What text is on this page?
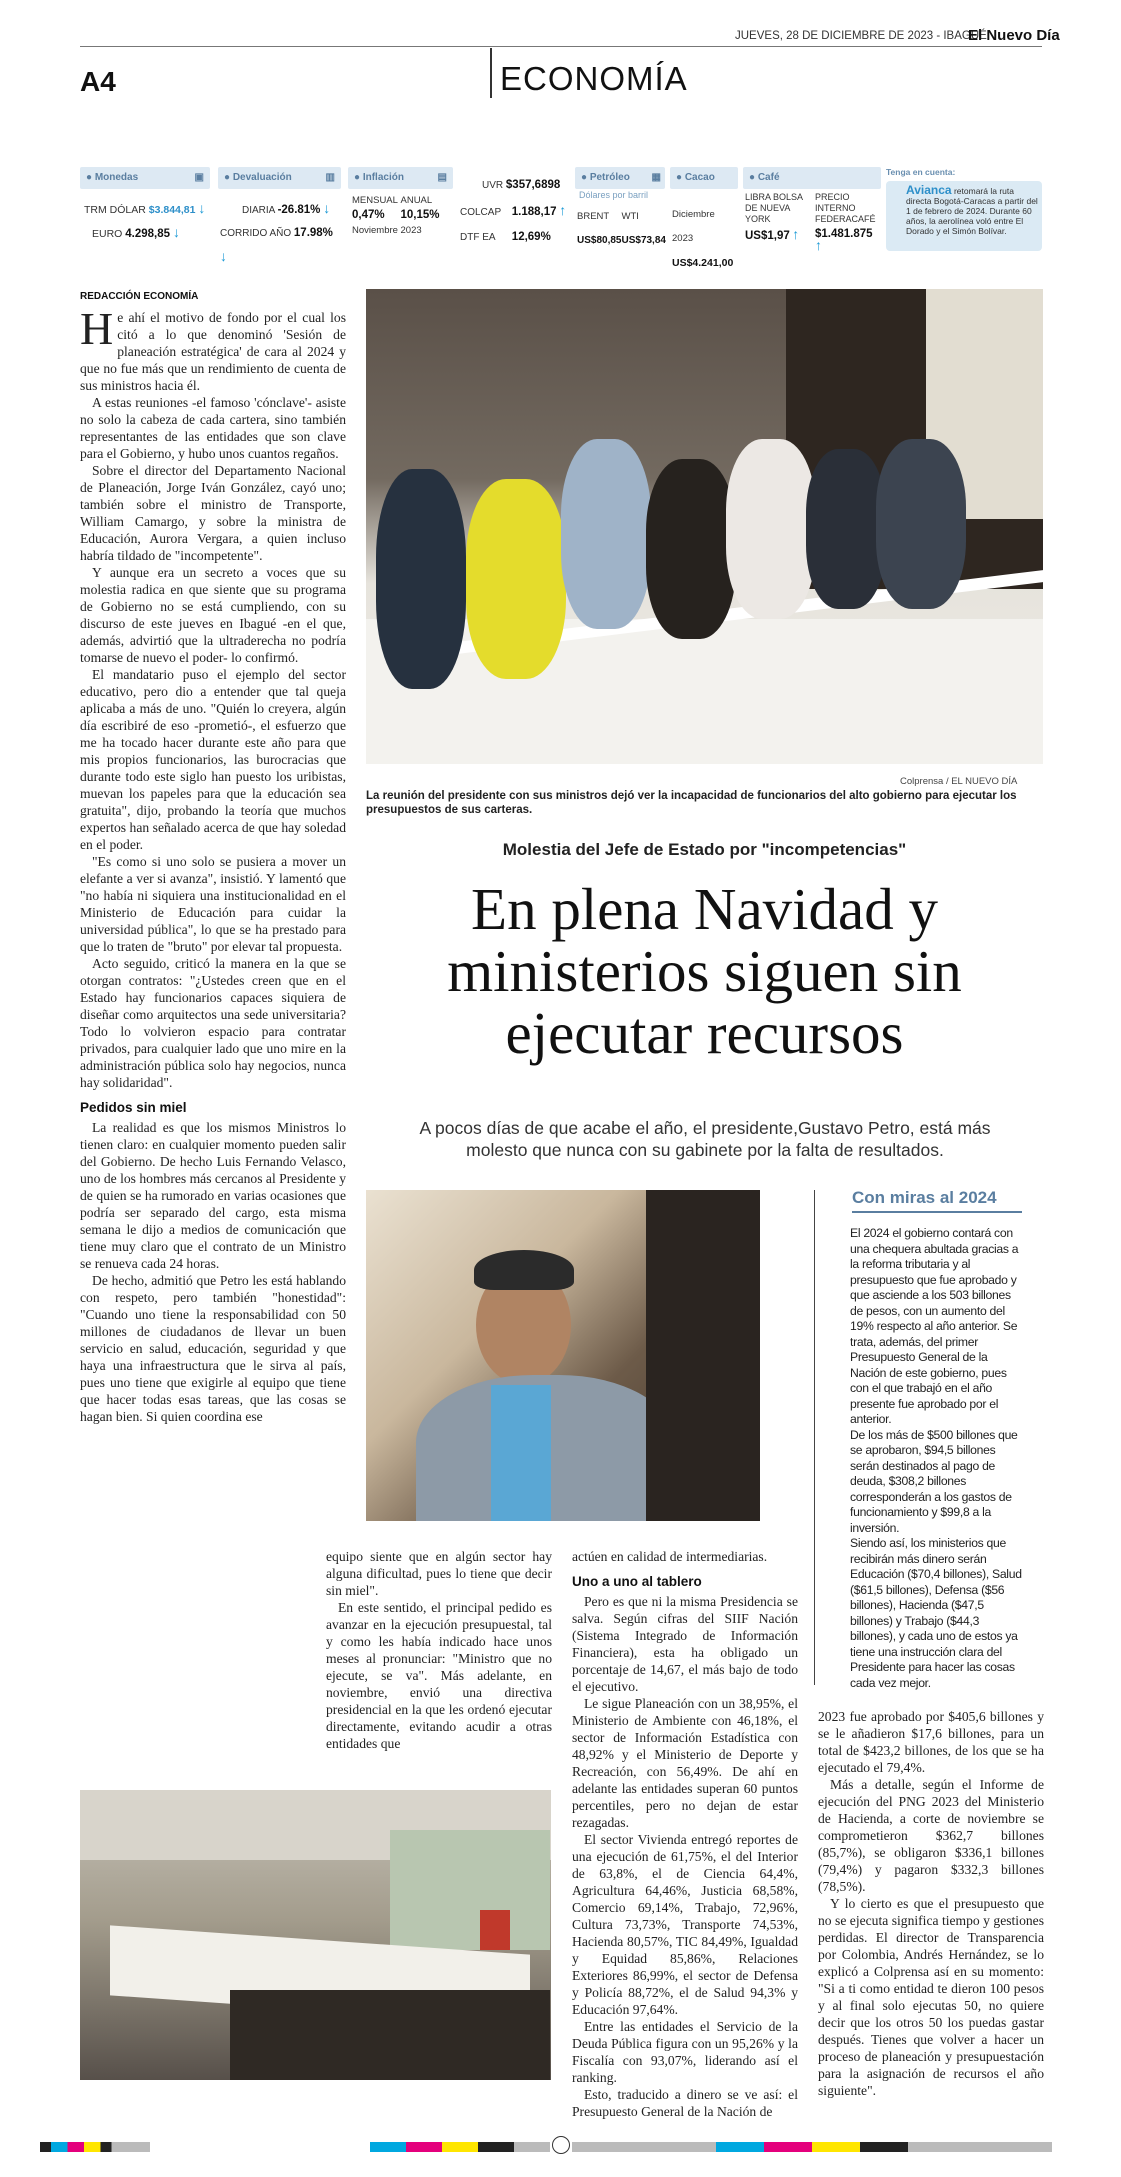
JUEVES, 28 DE DICIEMBRE DE 2023 - IBAGUÉ
El Nuevo Día
A4	ECONOMÍA
● Monedas	▣
TRM DÓLAR $3.844,81 ↓
EURO 4.298,85 ↓
● Devaluación	▥
DIARIA -26.81% ↓
CORRIDO AÑO 17.98% ↓
● Inflación	▤
MENSUAL ANUAL
0,47%	10,15%
Noviembre 2023
UVR $357,6898
COLCAP 1.188,17 ↑
DTF EA 12,69%
● Petróleo ▦
Dólares por barril
BRENT	WTI
US$80,85 US$73,84
● Cacao
Diciembre 2023
US$4.241,00
● Café
LIBRA BOLSA DE NUEVA YORK
PRECIO INTERNO FEDERACAFÉ
US$1,97 ↑	$1.481.875 ↑
Tenga en cuenta:
Avianca retomará la ruta directa Bogotá-Caracas a partir del 1 de febrero de 2024. Durante 60 años, la aerolínea voló entre El Dorado y el Simón Bolívar.
REDACCIÓN ECONOMÍA

He ahí el motivo de fondo por el cual los citó a lo que denominó 'Sesión de planeación estratégica' de cara al 2024 y que no fue más que un rendimiento de cuenta de sus ministros hacia él.

A estas reuniones -el famoso 'cónclave'- asiste no solo la cabeza de cada cartera, sino también representantes de las entidades que son clave para el Gobierno, y hubo unos cuantos regaños.

Sobre el director del Departamento Nacional de Planeación, Jorge Iván González, cayó uno; también sobre el ministro de Transporte, William Camargo, y sobre la ministra de Educación, Aurora Vergara, a quien incluso habría tildado de "incompetente".

Y aunque era un secreto a voces que su molestia radica en que siente que su programa de Gobierno no se está cumpliendo, con su discurso de este jueves en Ibagué -en el que, además, advirtió que la ultraderecha no podría tomarse de nuevo el poder- lo confirmó.

El mandatario puso el ejemplo del sector educativo, pero dio a entender que tal queja aplicaba a más de uno. "Quién lo creyera, algún día escribiré de eso -prometió-, el esfuerzo que me ha tocado hacer durante este año para que mis propios funcionarios, las burocracias que durante todo este siglo han puesto los uribistas, muevan los papeles para que la educación sea gratuita", dijo, probando la teoría que muchos expertos han señalado acerca de que hay soledad en el poder.

"Es como si uno solo se pusiera a mover un elefante a ver si avanza", insistió. Y lamentó que "no había ni siquiera una institucionalidad en el Ministerio de Educación para cuidar la universidad pública", lo que se ha prestado para que lo traten de "bruto" por elevar tal propuesta.

Acto seguido, criticó la manera en la que se otorgan contratos: "¿Ustedes creen que en el Estado hay funcionarios capaces siquiera de diseñar como arquitectos una sede universitaria? Todo lo volvieron espacio para contratar privados, para cualquier lado que uno mire en la administración pública solo hay negocios, nunca hay solidaridad".

Pedidos sin miel

La realidad es que los mismos Ministros lo tienen claro: en cualquier momento pueden salir del Gobierno. De hecho Luis Fernando Velasco, uno de los hombres más cercanos al Presidente y de quien se ha rumorado en varias ocasiones que podría ser separado del cargo, esta misma semana le dijo a medios de comunicación que tiene muy claro que el contrato de un Ministro se renueva cada 24 horas.

De hecho, admitió que Petro les está hablando con respeto, pero también "honestidad": "Cuando uno tiene la responsabilidad con 50 millones de ciudadanos de llevar un buen servicio en salud, educación, seguridad y que haya una infraestructura que le sirva al país, pues uno tiene que exigirle al equipo que tiene que hacer todas esas tareas, que las cosas se hagan bien. Si quien coordina ese

Colprensa / EL NUEVO DÍA
La reunión del presidente con sus ministros dejó ver la incapacidad de funcionarios del alto gobierno para ejecutar los presupuestos de sus carteras.
Molestia del Jefe de Estado por "incompetencias"
En plena Navidad y
ministerios siguen sin
ejecutar recursos
A pocos días de que acabe el año, el presidente,Gustavo Petro, está más molesto que nunca con su gabinete por la falta de resultados.
Con miras al 2024
El 2024 el gobierno contará con una chequera abultada gracias a la reforma tributaria y al presupuesto que fue aprobado y que asciende a los 503 billones de pesos, con un aumento del 19% respecto al año anterior. Se trata, además, del primer Presupuesto General de la Nación de este gobierno, pues con el que trabajó en el año presente fue aprobado por el anterior.
De los más de $500 billones que se aprobaron, $94,5 billones serán destinados al pago de deuda, $308,2 billones corresponderán a los gastos de funcionamiento y $99,8 a la inversión.
Siendo así, los ministerios que recibirán más dinero serán Educación ($70,4 billones), Salud ($61,5 billones), Defensa ($56 billones), Hacienda ($47,5 billones) y Trabajo ($44,3 billones), y cada uno de estos ya tiene una instrucción clara del Presidente para hacer las cosas cada vez mejor.

equipo siente que en algún sector hay alguna dificultad, pues lo tiene que decir sin miel".

En este sentido, el principal pedido es avanzar en la ejecución presupuestal, tal y como les había indicado hace unos meses al pronunciar: "Ministro que no ejecute, se va". Más adelante, en noviembre, envió una directiva presidencial en la que les ordenó ejecutar directamente, evitando acudir a otras entidades que

actúen en calidad de intermediarias.

Uno a uno al tablero

Pero es que ni la misma Presidencia se salva. Según cifras del SIIF Nación (Sistema Integrado de Información Financiera), esta ha obligado un porcentaje de 14,67, el más bajo de todo el ejecutivo.

Le sigue Planeación con un 38,95%, el Ministerio de Ambiente con 46,18%, el sector de Información Estadística con 48,92% y el Ministerio de Deporte y Recreación, con 56,49%. De ahí en adelante las entidades superan 60 puntos percentiles, pero no dejan de estar rezagadas.

El sector Vivienda entregó reportes de una ejecución de 61,75%, el del Interior de 63,8%, el de Ciencia 64,4%, Agricultura 64,46%, Justicia 68,58%, Comercio 69,14%, Trabajo, 72,96%, Cultura 73,73%, Transporte 74,53%, Hacienda 80,57%, TIC 84,49%, Igualdad y Equidad 85,86%, Relaciones Exteriores 86,99%, el sector de Defensa y Policía 88,72%, el de Salud 94,3% y Educación 97,64%.

Entre las entidades el Servicio de la Deuda Pública figura con un 95,26% y la Fiscalía con 93,07%, liderando así el ranking.

Esto, traducido a dinero se ve así: el Presupuesto General de la Nación de

2023 fue aprobado por $405,6 billones y se le añadieron $17,6 billones, para un total de $423,2 billones, de los que se ha ejecutado el 79,4%.

Más a detalle, según el Informe de ejecución del PNG 2023 del Ministerio de Hacienda, a corte de noviembre se comprometieron $362,7 billones (85,7%), se obligaron $336,1 billones (79,4%) y pagaron $332,3 billones (78,5%).

Y lo cierto es que el presupuesto que no se ejecuta significa tiempo y gestiones perdidas. El director de Transparencia por Colombia, Andrés Hernández, se lo explicó a Colprensa así en su momento: "Si a ti como entidad te dieron 100 pesos y al final solo ejecutas 50, no quiere decir que los otros 50 los puedas gastar después. Tienes que volver a hacer un proceso de planeación y presupuestación para la asignación de recursos el año siguiente".
